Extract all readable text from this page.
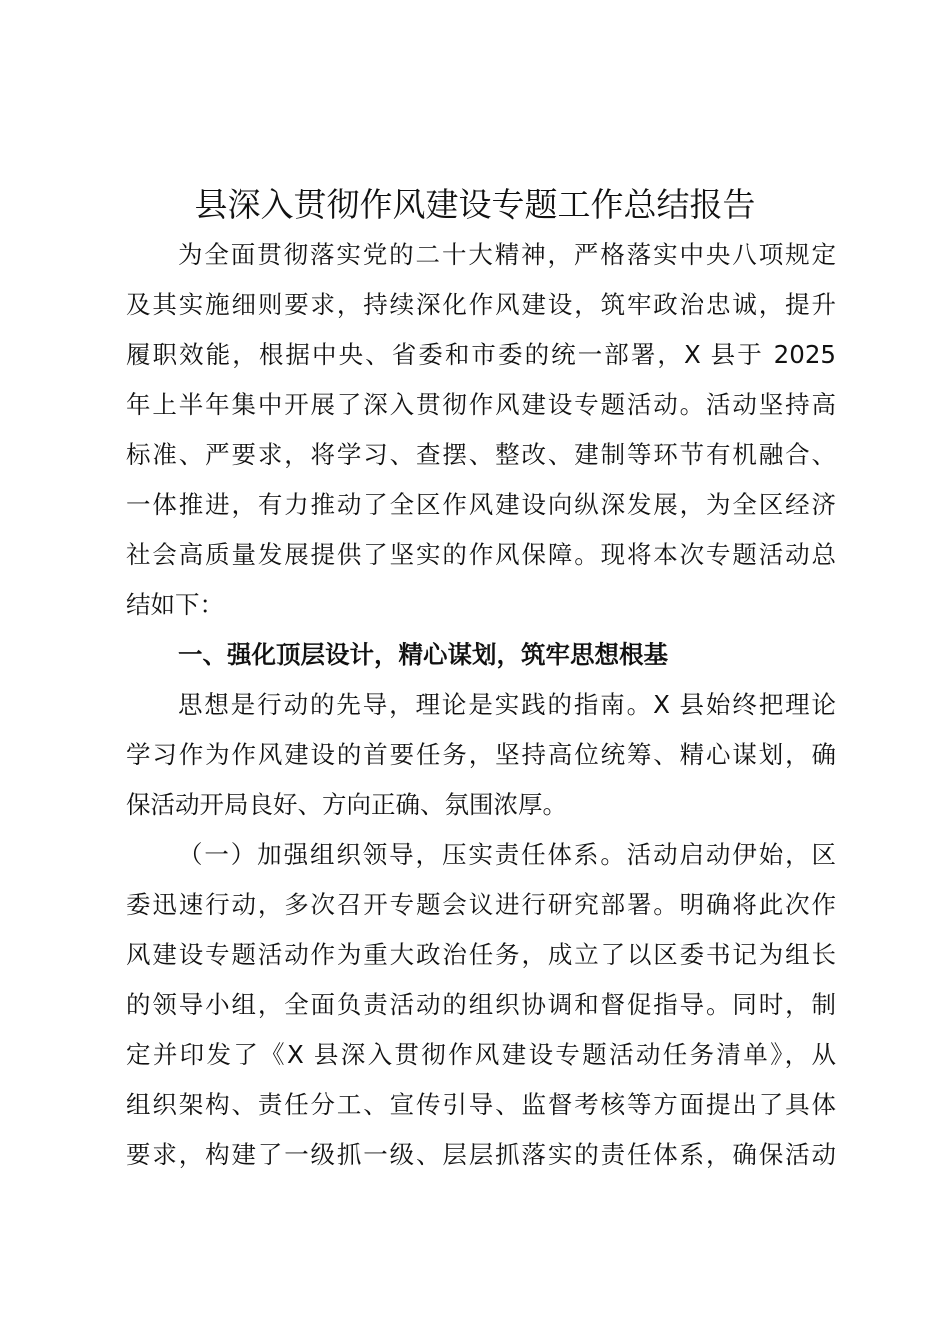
县深入贯彻作风建设专题工作总结报告
为全面贯彻落实党的二十大精神，严格落实中央八项规定
及其实施细则要求，持续深化作风建设，筑牢政治忠诚，提升
履职效能，根据中央、省委和市委的统一部署，X 县于 2025
年上半年集中开展了深入贯彻作风建设专题活动。活动坚持高
标准、严要求，将学习、查摆、整改、建制等环节有机融合、
一体推进，有力推动了全区作风建设向纵深发展，为全区经济
社会高质量发展提供了坚实的作风保障。现将本次专题活动总
结如下：
一、强化顶层设计，精心谋划，筑牢思想根基
思想是行动的先导，理论是实践的指南。X 县始终把理论
学习作为作风建设的首要任务，坚持高位统筹、精心谋划，确
保活动开局良好、方向正确、氛围浓厚。
（一）加强组织领导，压实责任体系。活动启动伊始，区
委迅速行动，多次召开专题会议进行研究部署。明确将此次作
风建设专题活动作为重大政治任务，成立了以区委书记为组长
的领导小组，全面负责活动的组织协调和督促指导。同时，制
定并印发了《X 县深入贯彻作风建设专题活动任务清单》，从
组织架构、责任分工、宣传引导、监督考核等方面提出了具体
要求，构建了一级抓一级、层层抓落实的责任体系，确保活动
